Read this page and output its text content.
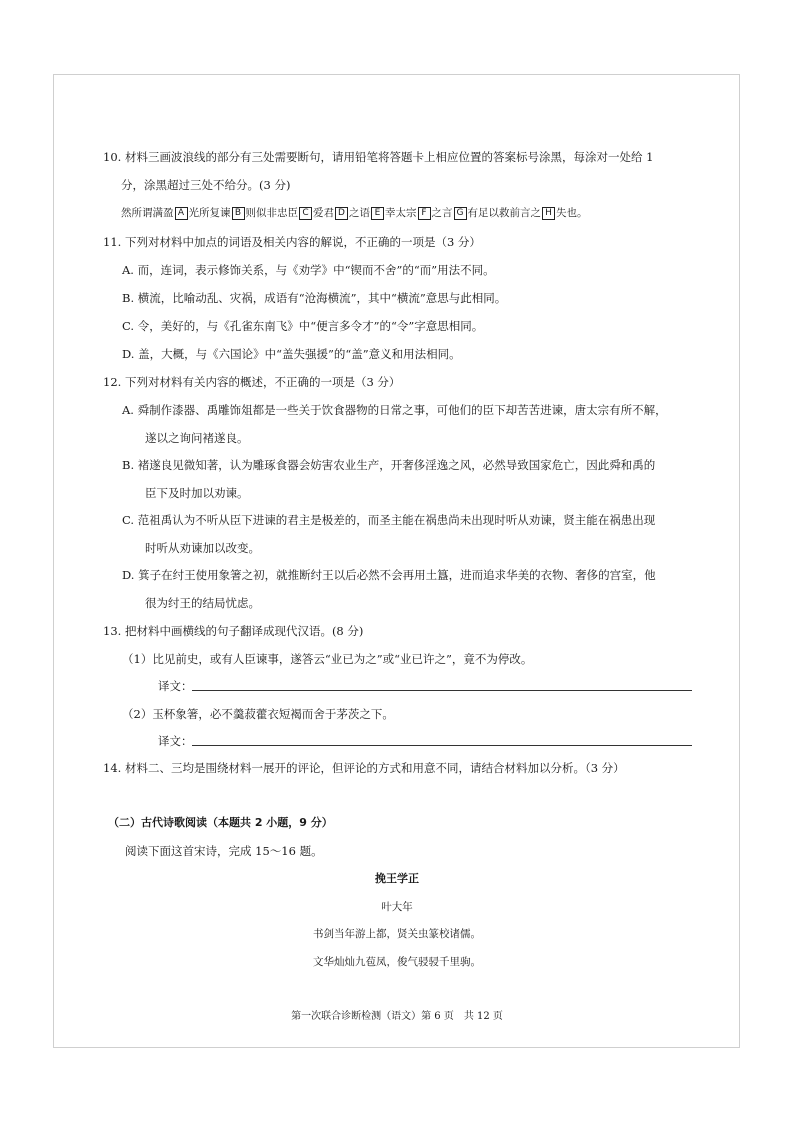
10. 材料三画波浪线的部分有三处需要断句，请用铅笔将答题卡上相应位置的答案标号涂黑，每涂对一处给 1
分，涂黑超过三处不给分。(3 分)
然所谓满盈 A 光所复谏 B 则似非忠臣 C 爱君 D 之语 E 幸太宗 F 之言 G 有足以救前言之 H 失也。
11. 下列对材料中加点的词语及相关内容的解说，不正确的一项是（3 分）
A. 而，连词，表示修饰关系，与《劝学》中“锲而不舍”的“而”用法不同。
B. 横流，比喻动乱、灾祸，成语有“沧海横流”，其中“横流”意思与此相同。
C. 令，美好的，与《孔雀东南飞》中“便言多令才”的“令”字意思相同。
D. 盖，大概，与《六国论》中“盖失强援”的“盖”意义和用法相同。
12. 下列对材料有关内容的概述，不正确的一项是（3 分）
A. 舜制作漆器、禹雕饰俎都是一些关于饮食器物的日常之事，可他们的臣下却苦苦进谏，唐太宗有所不解，
遂以之询问褚遂良。
B. 褚遂良见微知著，认为雕琢食器会妨害农业生产，开奢侈淫逸之风，必然导致国家危亡，因此舜和禹的
臣下及时加以劝谏。
C. 范祖禹认为不听从臣下进谏的君主是极差的，而圣主能在祸患尚未出现时听从劝谏，贤主能在祸患出现
时听从劝谏加以改变。
D. 箕子在纣王使用象箸之初，就推断纣王以后必然不会再用土簋，进而追求华美的衣物、奢侈的宫室，他
很为纣王的结局忧虑。
13. 把材料中画横线的句子翻译成现代汉语。(8 分)
（1）比见前史，或有人臣谏事，遂答云“业已为之”或“业已许之”，竟不为停改。
译文：
（2）玉杯象箸，必不羹菽藿衣短褐而舍于茅茨之下。
译文：
14. 材料二、三均是围绕材料一展开的评论，但评论的方式和用意不同，请结合材料加以分析。（3 分）
（二）古代诗歌阅读（本题共 2 小题，9 分）
阅读下面这首宋诗，完成 15～16 题。
挽王学正
叶大年
书剑当年游上都，贤关虫篆校诸儒。
文华灿灿九苞凤，俊气骎骎千里驹。
第一次联合诊断检测（语文）第 6 页　共 12 页
